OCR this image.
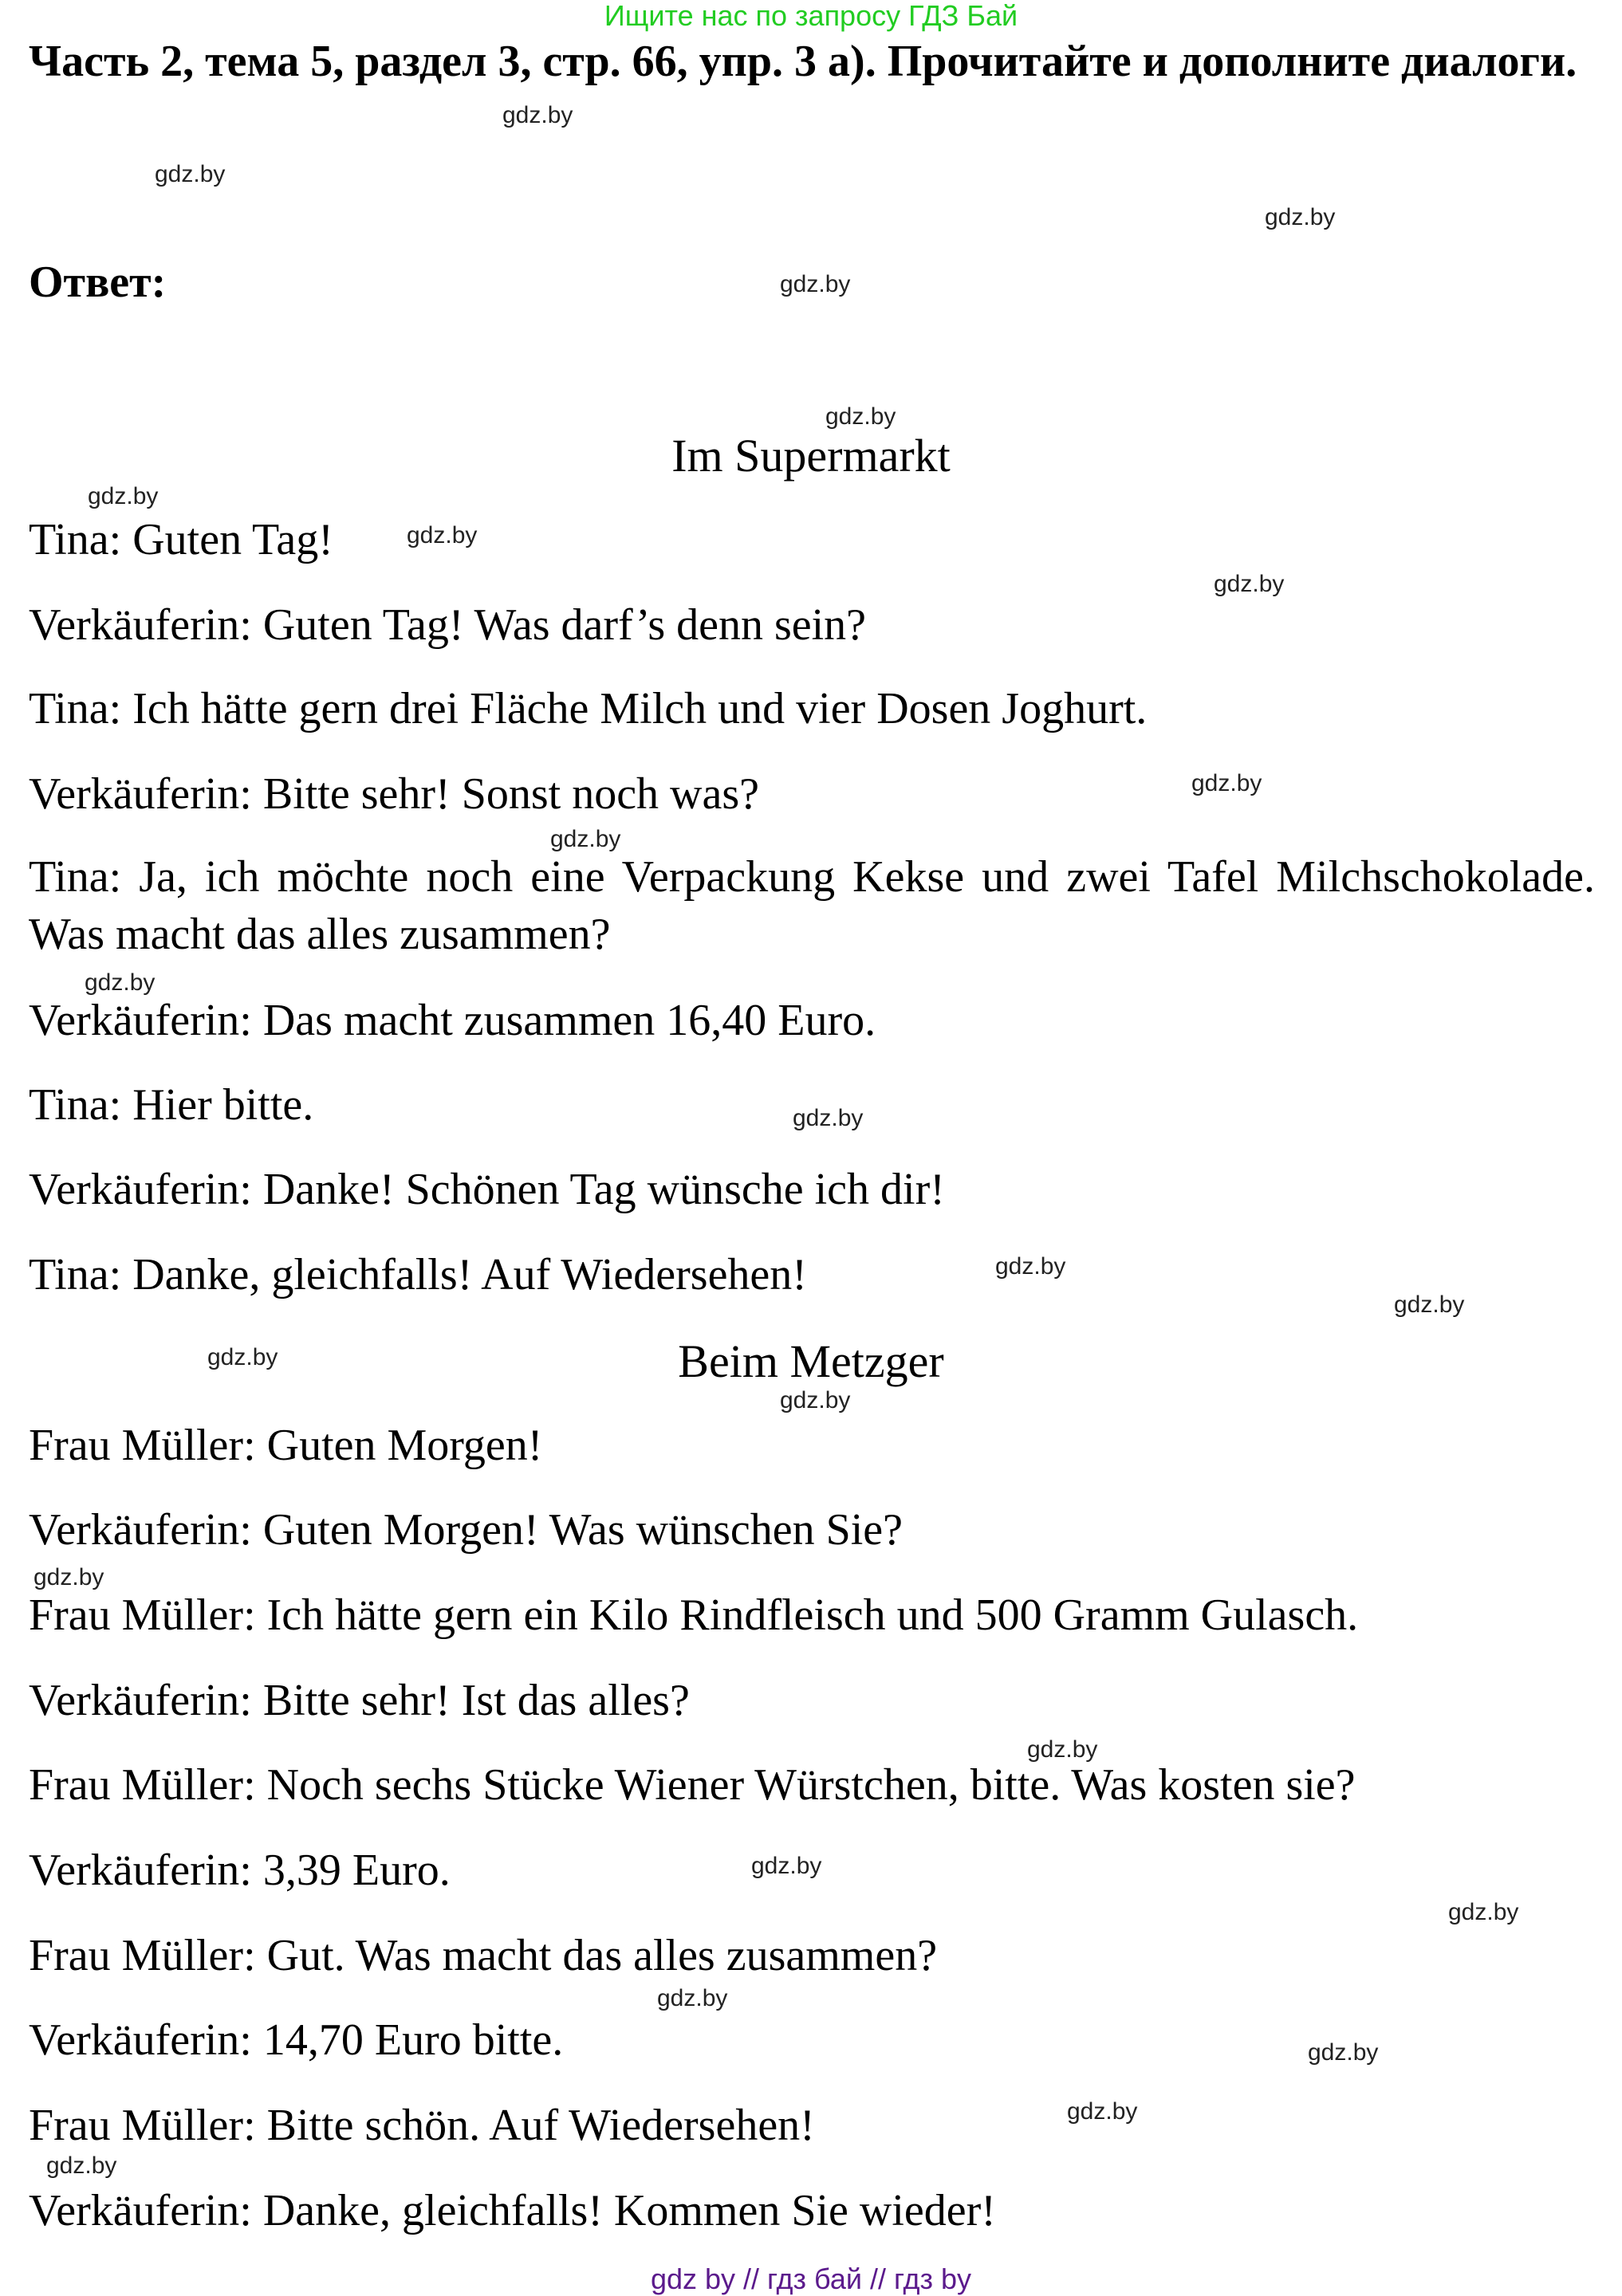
Ищите нас по запросу ГДЗ Бай
Часть 2, тема 5, раздел 3, стр. 66, упр. 3 а). Прочитайте и дополните диалоги.
Ответ:
Im Supermarkt
Tina: Guten Tag!
Verkäuferin: Guten Tag! Was darf’s denn sein?
Tina: Ich hätte gern drei Fläche Milch und vier Dosen Joghurt.
Verkäuferin: Bitte sehr! Sonst noch was?
Tina: Ja, ich möchte noch eine Verpackung Kekse und zwei Tafel Milchschokolade. Was macht das alles zusammen?
Verkäuferin: Das macht zusammen 16,40 Euro.
Tina: Hier bitte.
Verkäuferin: Danke! Schönen Tag wünsche ich dir!
Tina: Danke, gleichfalls! Auf Wiedersehen!
Beim Metzger
Frau Müller: Guten Morgen!
Verkäuferin: Guten Morgen! Was wünschen Sie?
Frau Müller: Ich hätte gern ein Kilo Rindfleisch und 500 Gramm Gulasch.
Verkäuferin: Bitte sehr! Ist das alles?
Frau Müller: Noch sechs Stücke Wiener Würstchen, bitte. Was kosten sie?
Verkäuferin: 3,39 Euro.
Frau Müller: Gut. Was macht das alles zusammen?
Verkäuferin: 14,70 Euro bitte.
Frau Müller: Bitte schön. Auf Wiedersehen!
Verkäuferin: Danke, gleichfalls! Kommen Sie wieder!
gdz.by
gdz.by
gdz.by
gdz.by
gdz.by
gdz.by
gdz.by
gdz.by
gdz.by
gdz.by
gdz.by
gdz.by
gdz.by
gdz.by
gdz.by
gdz.by
gdz.by
gdz.by
gdz.by
gdz.by
gdz.by
gdz.by
gdz.by
gdz.by
gdz by // гдз бай // гдз by
